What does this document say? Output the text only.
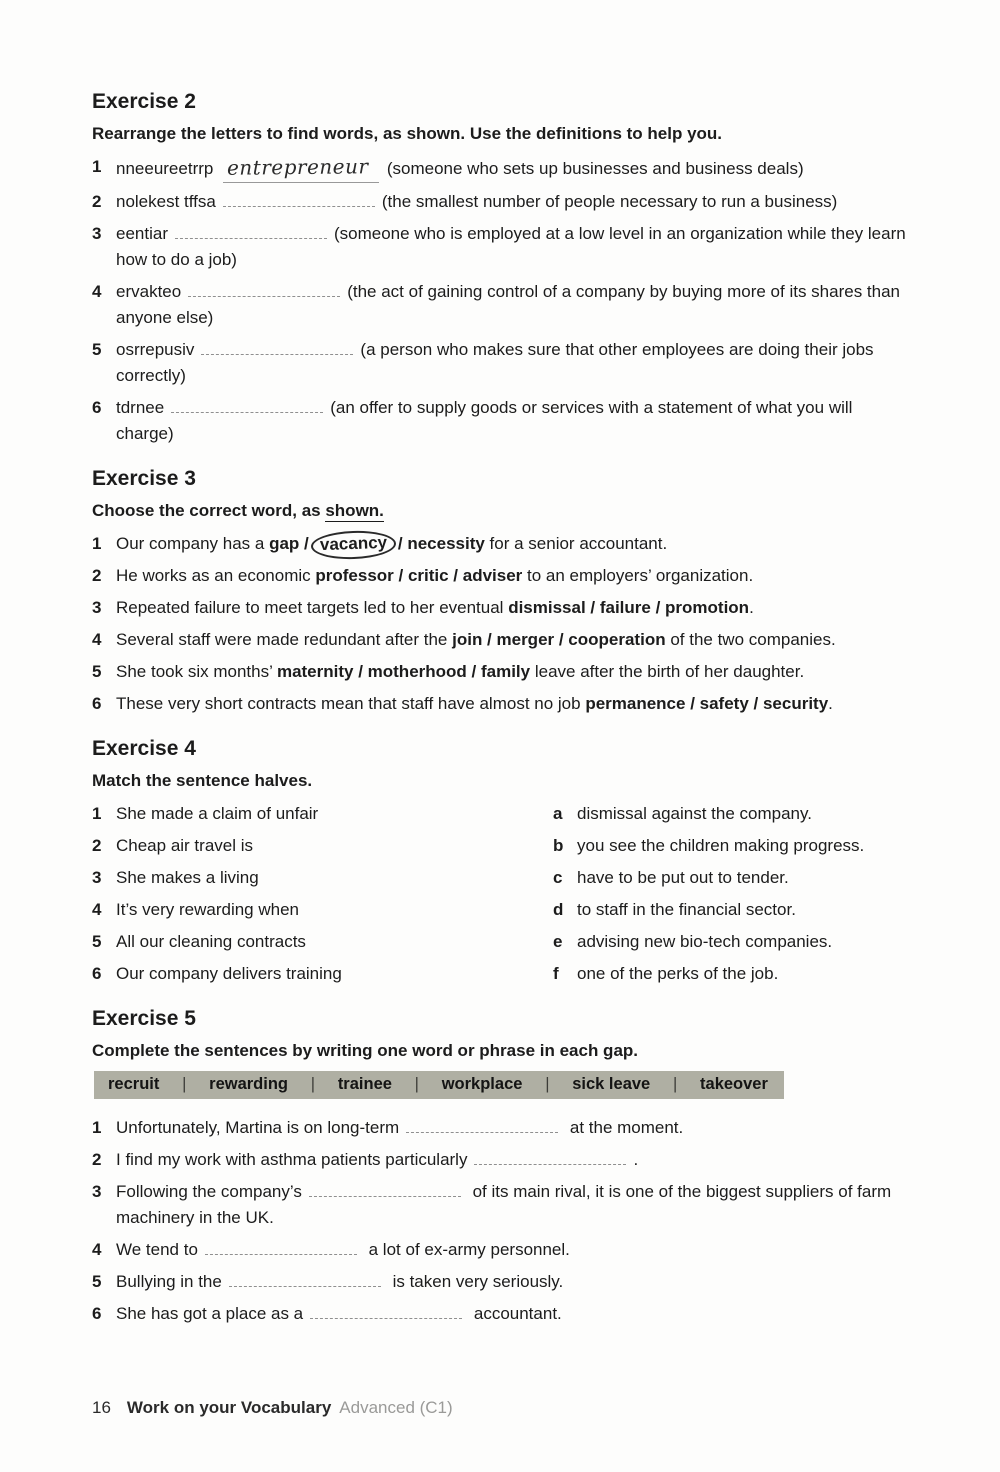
Exercise 2

Rearrange the letters to find words, as shown. Use the definitions to help you.

1 nneeureetrrp entrepreneur (someone who sets up businesses and business deals)
2 nolekest tffsa	(the smallest number of people necessary to run a business)
3 eentiar	(someone who is employed at a low level in an organization while they learn how to do a job)
4 ervakteo	(the act of gaining control of a company by buying more of its shares than anyone else)
5 osrrepusiv	(a person who makes sure that other employees are doing their jobs correctly)
6 tdrnee	(an offer to supply goods or services with a statement of what you will charge)
Exercise 3

Choose the correct word, as shown.

1 Our company has a gap / vacancy / necessity for a senior accountant.
2 He works as an economic professor / critic / adviser to an employers’ organization.
3 Repeated failure to meet targets led to her eventual dismissal / failure / promotion.
4 Several staff were made redundant after the join / merger / cooperation of the two companies.
5 She took six months’ maternity / motherhood / family leave after the birth of her daughter.
6 These very short contracts mean that staff have almost no job permanence / safety / security.
Exercise 4

Match the sentence halves.

1 She made a claim of unfair	a dismissal against the company.
2 Cheap air travel is	b you see the children making progress.
3 She makes a living	c have to be put out to tender.
4 It’s very rewarding when	d to staff in the financial sector.
5 All our cleaning contracts	e advising new bio-tech companies.
6 Our company delivers training	f one of the perks of the job.
Exercise 5

Complete the sentences by writing one word or phrase in each gap.

recruit | rewarding | trainee | workplace | sick leave | takeover
1 Unfortunately, Martina is on long-term	at the moment.
2 I find my work with asthma patients particularly	.
3 Following the company’s	of its main rival, it is one of the biggest suppliers of farm machinery in the UK.
4 We tend to	a lot of ex-army personnel.
5 Bullying in the	is taken very seriously.
6 She has got a place as a	accountant.
16 Work on your Vocabulary Advanced (C1)
